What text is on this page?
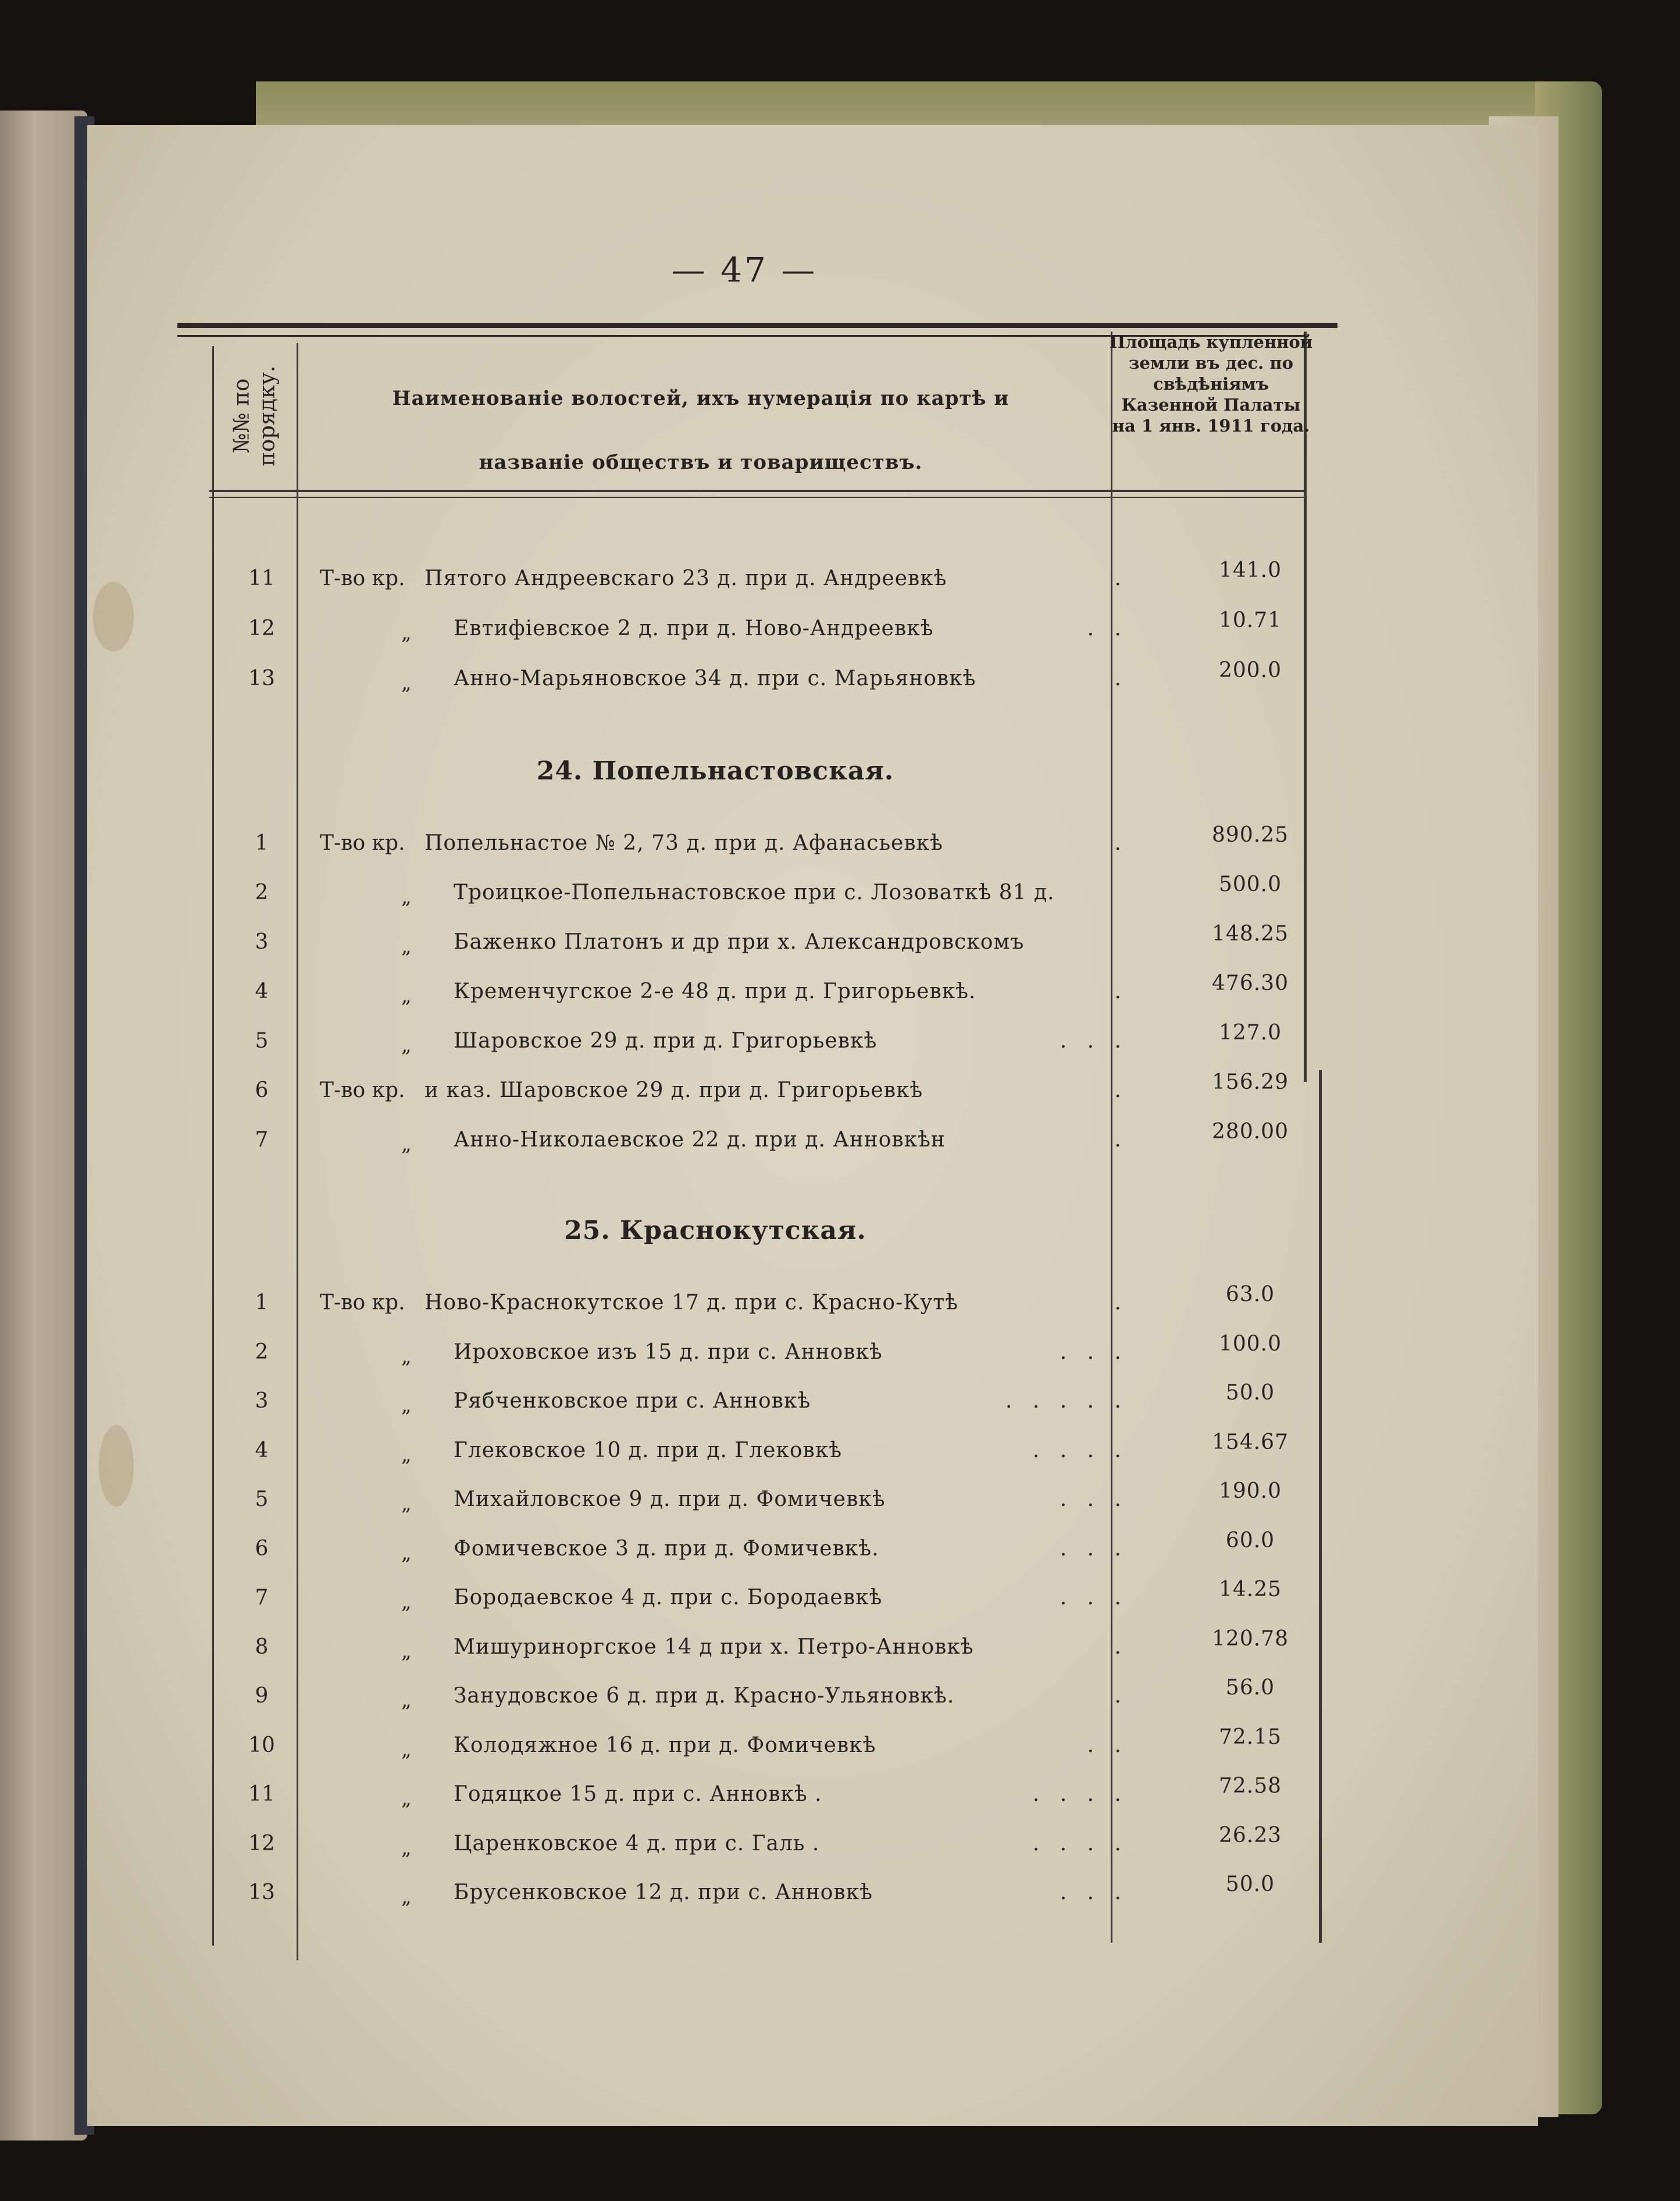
— 47 —
№№ по порядку.	Наименованіе волостей, ихъ нумерація по картѣ и
названіе обществъ и товариществъ.
Площадь купленной земли въ дес. по свѣдѣніямъ Казенной Палаты на 1 янв. 1911 года.
11	Т-во кр. Пятого Андреевскаго 23 д. при д. Андреевкѣ	.	141.0
12	„ Евтифіевское 2 д. при д. Ново-Андреевкѣ	. .	10.71
13	„ Анно-Марьяновское 34 д. при с. Марьяновкѣ	.	200.0
24. Попельнастовская.
1	Т-во кр. Попельнастое № 2, 73 д. при д. Афанасьевкѣ	.	890.25
2	„ Троицкое-Попельнастовское при с. Лозоваткѣ 81 д.	500.0
3	„ Баженко Платонъ и др при х. Александровскомъ	148.25
4	„ Кременчугское 2-е 48 д. при д. Григорьевкѣ.	.	476.30
5	„ Шаровское 29 д. при д. Григорьевкѣ	. . .	127.0
6	Т-во кр. и каз. Шаровское 29 д. при д. Григорьевкѣ	.	156.29
7	„ Анно-Николаевское 22 д. при д. Анновкѣн	.	280.00
25. Краснокутская.
1	Т-во кр. Ново-Краснокутское 17 д. при с. Красно-Кутѣ	.	63.0
2	„ Ироховское изъ 15 д. при с. Анновкѣ	. . .	100.0
3	„ Рябченковское при с. Анновкѣ	. . . . .	50.0
4	„ Глековское 10 д. при д. Глековкѣ	. . . .	154.67
5	„ Михайловское 9 д. при д. Фомичевкѣ	. . .	190.0
6	„ Фомичевское 3 д. при д. Фомичевкѣ.	. . .	60.0
7	„ Бородаевское 4 д. при с. Бородаевкѣ	. . .	14.25
8	„ Мишуриноргское 14 д при х. Петро-Анновкѣ	.	120.78
9	„ Занудовское 6 д. при д. Красно-Ульяновкѣ.	.	56.0
10	„ Колодяжное 16 д. при д. Фомичевкѣ	. .	72.15
11	„ Годяцкое 15 д. при с. Анновкѣ .	. . . .	72.58
12	„ Царенковское 4 д. при с. Галь .	. . . .	26.23
13	„ Брусенковское 12 д. при с. Анновкѣ	. . .	50.0
